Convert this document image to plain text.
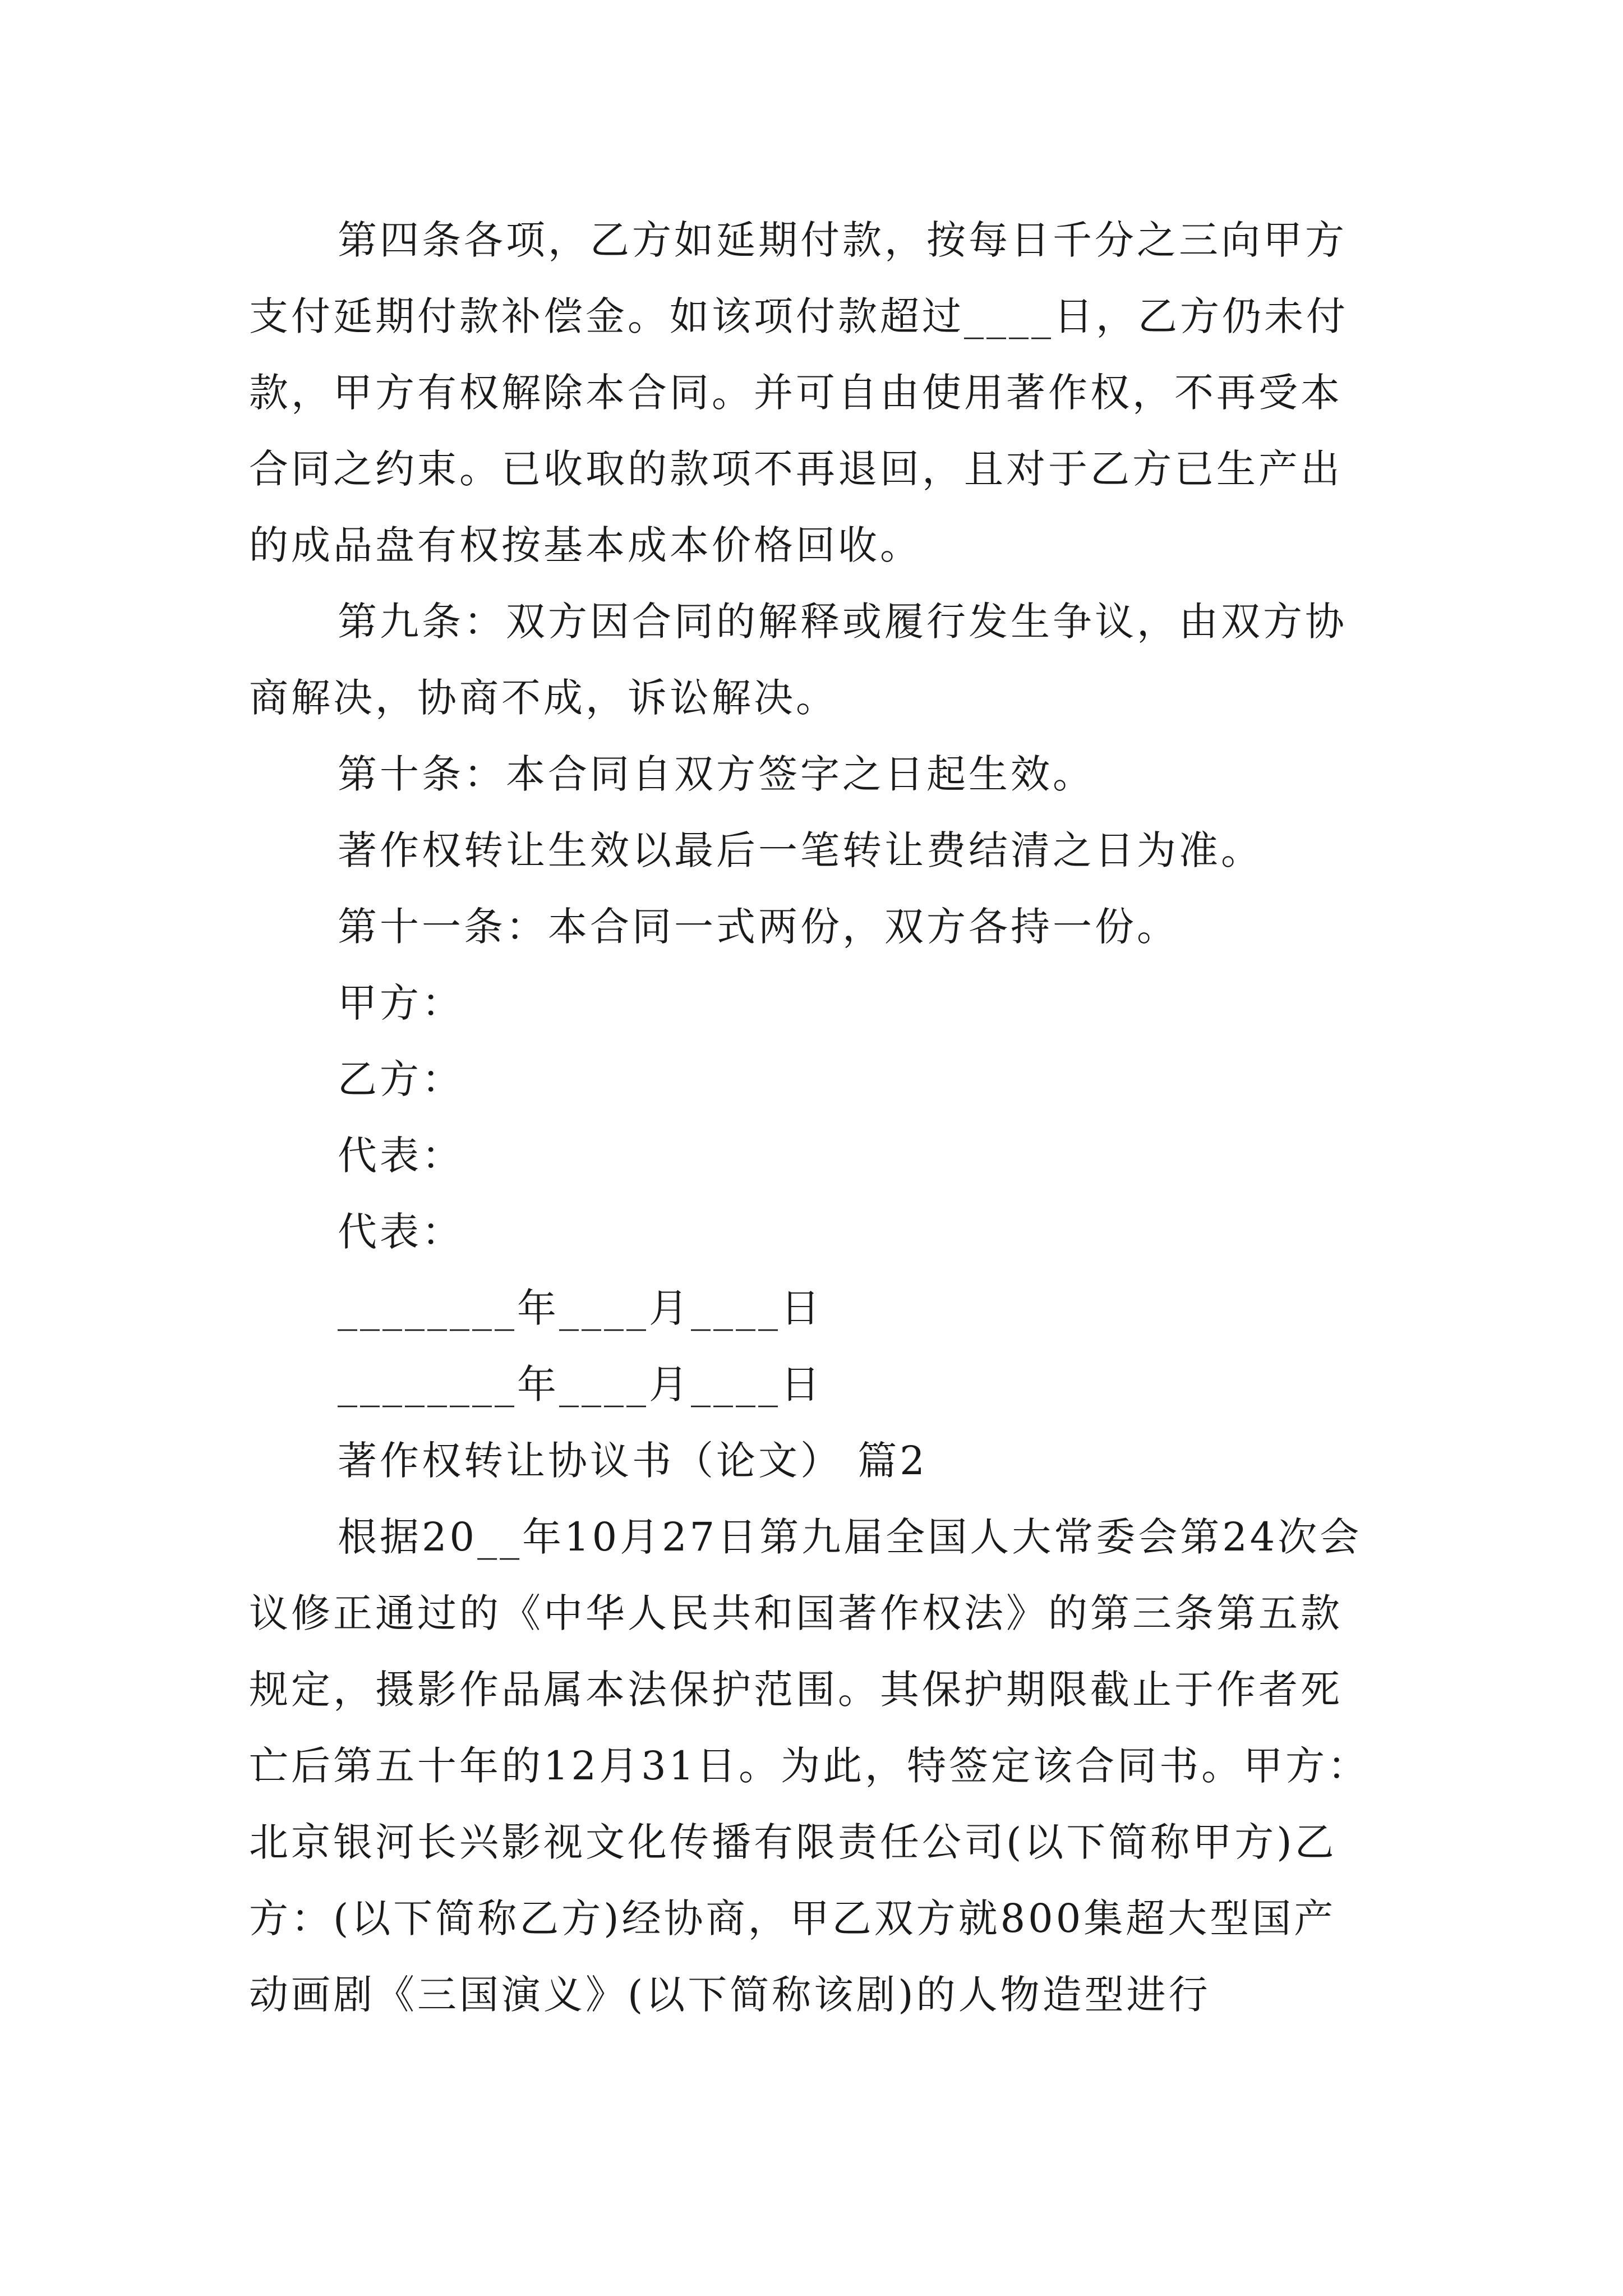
第四条各项，乙方如延期付款，按每日千分之三向甲方支付延期付款补偿金。如该项付款超过____日，乙方仍未付款，甲方有权解除本合同。并可自由使用著作权，不再受本合同之约束。已收取的款项不再退回，且对于乙方已生产出的成品盘有权按基本成本价格回收。

第九条：双方因合同的解释或履行发生争议，由双方协商解决，协商不成，诉讼解决。

第十条：本合同自双方签字之日起生效。

著作权转让生效以最后一笔转让费结清之日为准。

第十一条：本合同一式两份，双方各持一份。

甲方：

乙方：

代表：

代表：

________年____月____日

________年____月____日

著作权转让协议书（论文） 篇2

根据20__年10月27日第九届全国人大常委会第24次会议修正通过的《中华人民共和国著作权法》的第三条第五款规定，摄影作品属本法保护范围。其保护期限截止于作者死亡后第五十年的12月31日。为此，特签定该合同书。甲方：北京银河长兴影视文化传播有限责任公司(以下简称甲方)乙方：(以下简称乙方)经协商，甲乙双方就800集超大型国产动画剧《三国演义》(以下简称该剧)的人物造型进行
